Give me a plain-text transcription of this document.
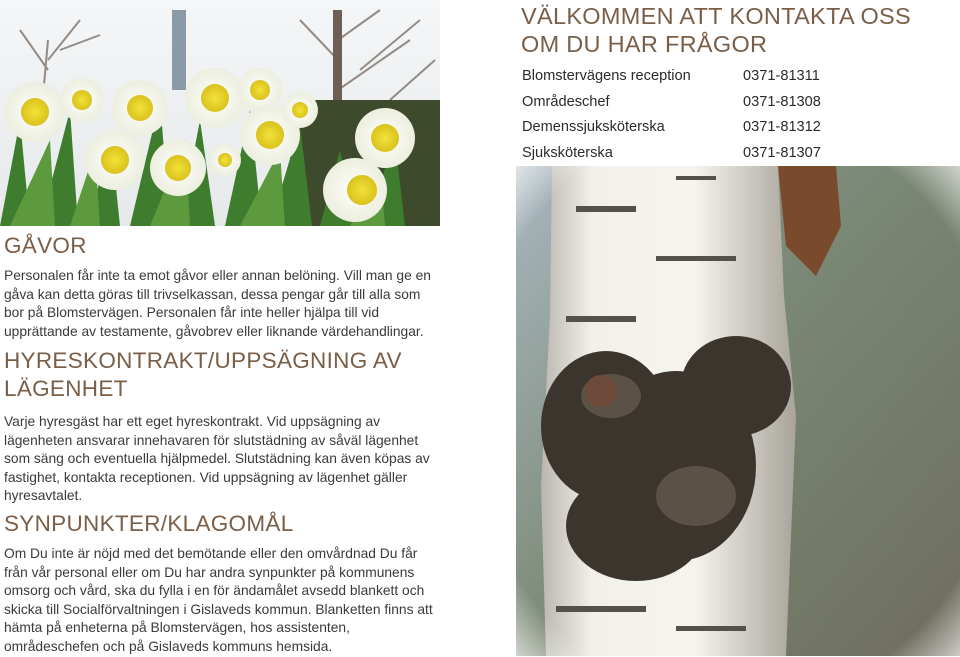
VÄLKOMMEN ATT KONTAKTA OSS OM DU HAR FRÅGOR
Blomstervägens reception	0371-81311
Områdeschef	0371-81308
Demenssjuksköterska	0371-81312
Sjuksköterska	0371-81307
GÅVOR

Personalen får inte ta emot gåvor eller annan belöning. Vill man ge en gåva kan detta göras till trivselkassan, dessa pengar går till alla som bor på Blomstervägen. Personalen får inte heller hjälpa till vid upprättande av testamente, gåvobrev eller liknande värdehandlingar.

HYRESKONTRAKT/UPPSÄGNING AV LÄGENHET

Varje hyresgäst har ett eget hyreskontrakt. Vid uppsägning av lägenheten ansvarar innehavaren för slutstädning av såväl lägenhet som säng och eventuella hjälpmedel. Slutstädning kan även köpas av fastighet, kontakta receptionen. Vid uppsägning av lägenhet gäller hyresavtalet.

SYNPUNKTER/KLAGOMÅL

Om Du inte är nöjd med det bemötande eller den omvårdnad Du får från vår personal eller om Du har andra synpunkter på kommunens omsorg och vård, ska du fylla i en för ändamålet avsedd blankett och skicka till Socialförvaltningen i Gislaveds kommun. Blanketten finns att hämta på enheterna på Blomstervägen, hos assistenten, områdeschefen och på Gislaveds kommuns hemsida.
